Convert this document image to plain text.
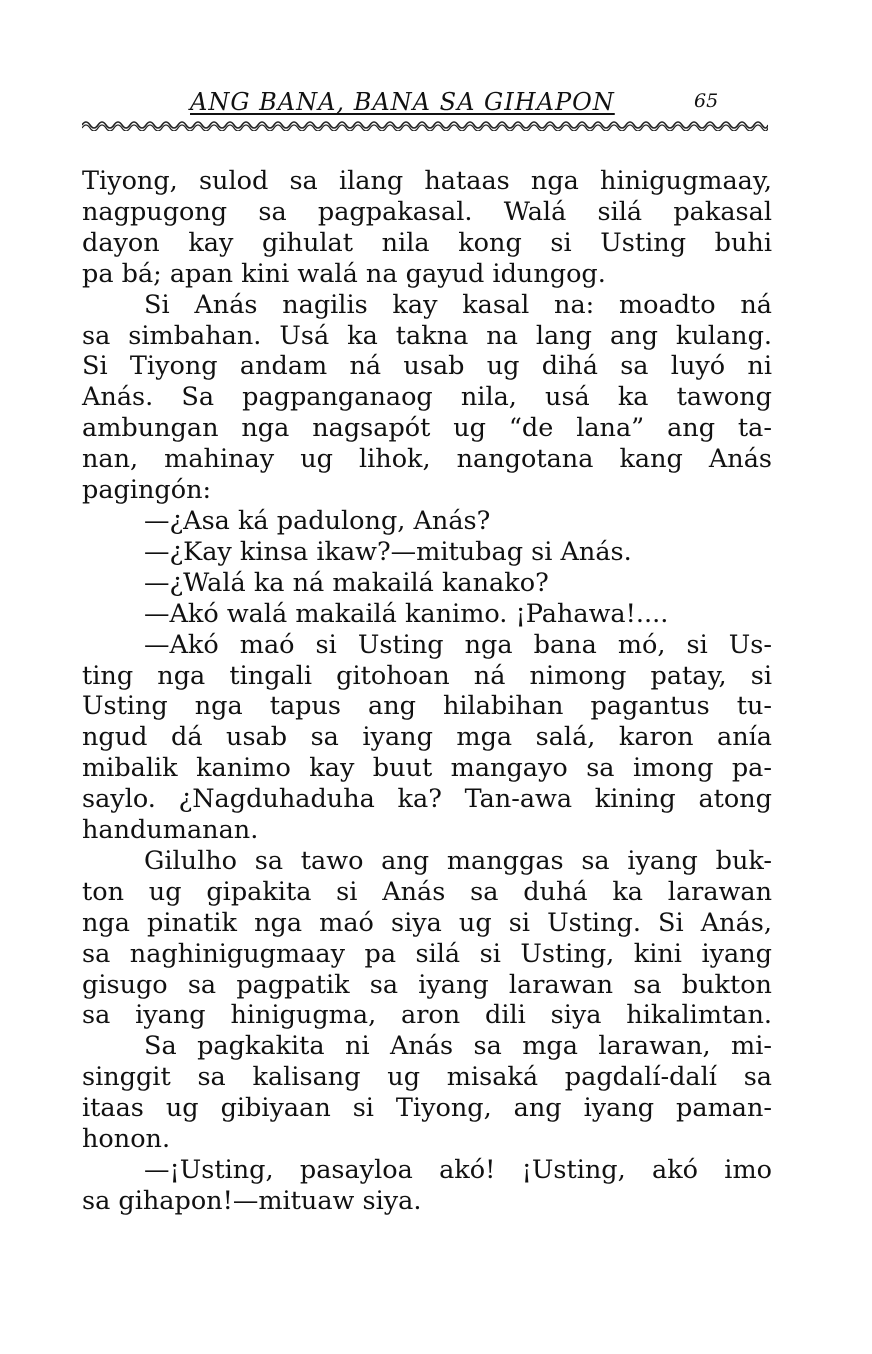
ANG BANA, BANA SA GIHAPON	65
Tiyong, sulod sa ilang hataas nga hinigugmaay,
nagpugong sa pagpakasal. Walá silá pakasal
dayon kay gihulat nila kong si Usting buhi
pa bá; apan kini walá na gayud idungog.
Si Anás nagilis kay kasal na: moadto ná
sa simbahan. Usá ka takna na lang ang kulang.
Si Tiyong andam ná usab ug dihá sa luyó ni
Anás. Sa pagpanganaog nila, usá ka tawong
ambungan nga nagsapót ug “de lana” ang ta-
nan, mahinay ug lihok, nangotana kang Anás
pagingón:
—¿Asa ká padulong, Anás?
—¿Kay kinsa ikaw?—mitubag si Anás.
—¿Walá ka ná makailá kanako?
—Akó walá makailá kanimo. ¡Pahawa!....
—Akó maó si Usting nga bana mó, si Us-
ting nga tingali gitohoan ná nimong patay, si
Usting nga tapus ang hilabihan pagantus tu-
ngud dá usab sa iyang mga salá, karon anía
mibalik kanimo kay buut mangayo sa imong pa-
saylo. ¿Nagduhaduha ka? Tan-awa kining atong
handumanan.
Gilulho sa tawo ang manggas sa iyang buk-
ton ug gipakita si Anás sa duhá ka larawan
nga pinatik nga maó siya ug si Usting. Si Anás,
sa naghinigugmaay pa silá si Usting, kini iyang
gisugo sa pagpatik sa iyang larawan sa bukton
sa iyang hinigugma, aron dili siya hikalimtan.
Sa pagkakita ni Anás sa mga larawan, mi-
singgit sa kalisang ug misaká pagdalí-dalí sa
itaas ug gibiyaan si Tiyong, ang iyang paman-
honon.
—¡Usting, pasayloa akó! ¡Usting, akó imo
sa gihapon!—mituaw siya.
